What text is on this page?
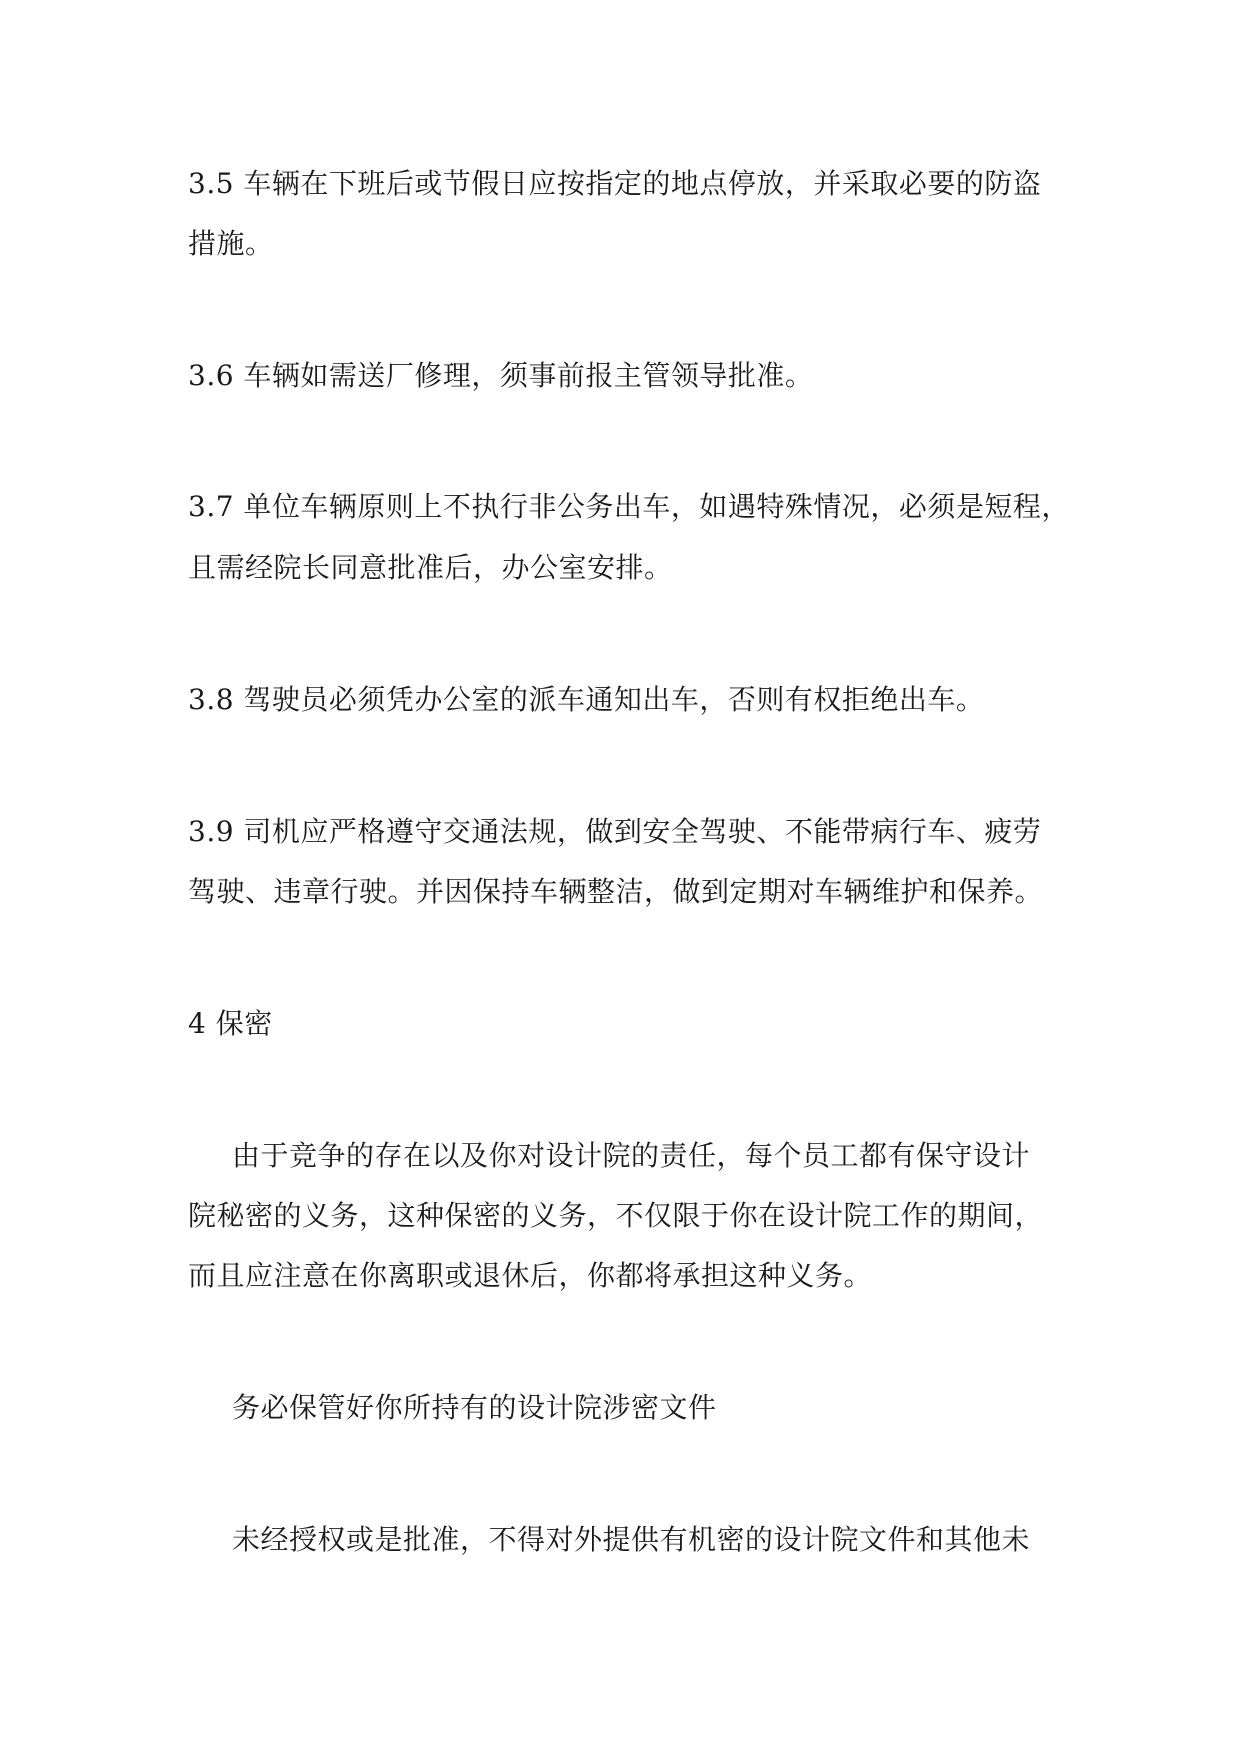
3.5 车辆在下班后或节假日应按指定的地点停放，并采取必要的防盗
措施。
3.6 车辆如需送厂修理，须事前报主管领导批准。
3.7 单位车辆原则上不执行非公务出车，如遇特殊情况，必须是短程，
且需经院长同意批准后，办公室安排。
3.8 驾驶员必须凭办公室的派车通知出车，否则有权拒绝出车。
3.9 司机应严格遵守交通法规，做到安全驾驶、不能带病行车、疲劳
驾驶、违章行驶。并因保持车辆整洁，做到定期对车辆维护和保养。
4 保密
由于竞争的存在以及你对设计院的责任，每个员工都有保守设计
院秘密的义务，这种保密的义务，不仅限于你在设计院工作的期间，
而且应注意在你离职或退休后，你都将承担这种义务。
务必保管好你所持有的设计院涉密文件
未经授权或是批准，不得对外提供有机密的设计院文件和其他未
